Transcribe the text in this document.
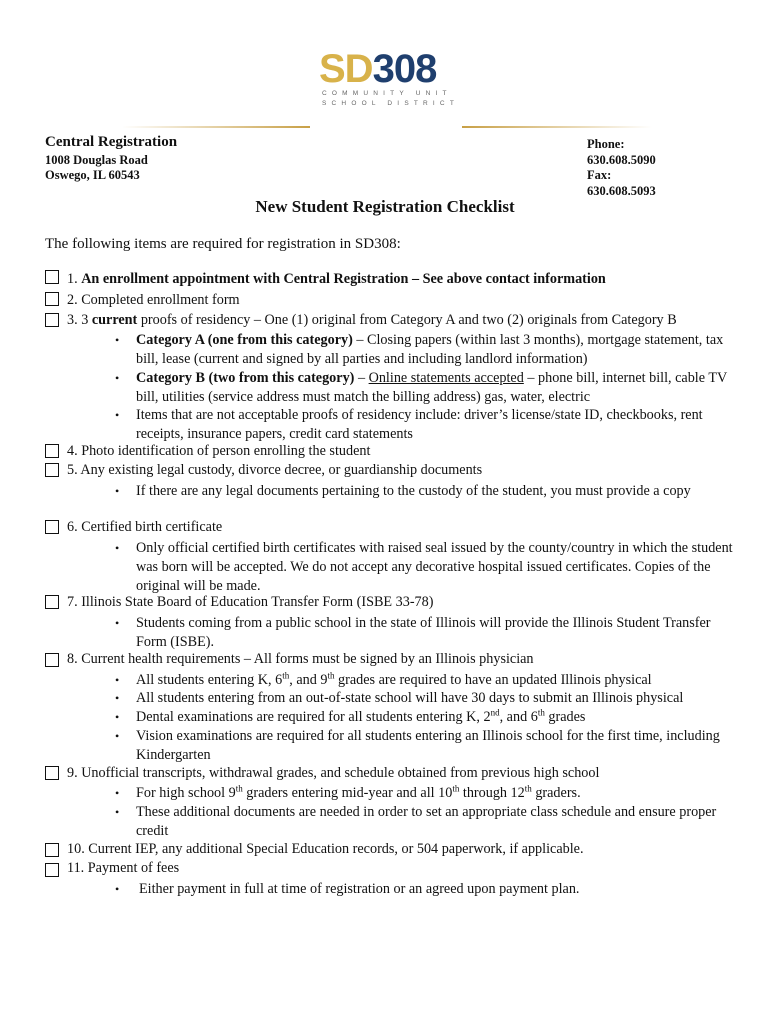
SD308
COMMUNITY UNIT
SCHOOL DISTRICT
Central Registration
1008 Douglas Road
Oswego, IL 60543
Phone:
630.608.5090
Fax:
630.608.5093
New Student Registration Checklist
The following items are required for registration in SD308:
1. An enrollment appointment with Central Registration – See above contact information
2. Completed enrollment form
3. 3 current proofs of residency – One (1) original from Category A and two (2) originals from Category B
• Category A (one from this category) – Closing papers (within last 3 months), mortgage statement, tax bill, lease (current and signed by all parties and including landlord information)
• Category B (two from this category) – Online statements accepted – phone bill, internet bill, cable TV bill, utilities (service address must match the billing address) gas, water, electric
• Items that are not acceptable proofs of residency include: driver’s license/state ID, checkbooks, rent receipts, insurance papers, credit card statements
4. Photo identification of person enrolling the student
5. Any existing legal custody, divorce decree, or guardianship documents
• If there are any legal documents pertaining to the custody of the student, you must provide a copy
6. Certified birth certificate
• Only official certified birth certificates with raised seal issued by the county/country in which the student was born will be accepted. We do not accept any decorative hospital issued certificates. Copies of the original will be made.
7. Illinois State Board of Education Transfer Form (ISBE 33-78)
• Students coming from a public school in the state of Illinois will provide the Illinois Student Transfer Form (ISBE).
8. Current health requirements – All forms must be signed by an Illinois physician
• All students entering K, 6th, and 9th grades are required to have an updated Illinois physical
• All students entering from an out-of-state school will have 30 days to submit an Illinois physical
• Dental examinations are required for all students entering K, 2nd, and 6th grades
• Vision examinations are required for all students entering an Illinois school for the first time, including Kindergarten
9. Unofficial transcripts, withdrawal grades, and schedule obtained from previous high school
• For high school 9th graders entering mid-year and all 10th through 12th graders.
• These additional documents are needed in order to set an appropriate class schedule and ensure proper credit
10. Current IEP, any additional Special Education records, or 504 paperwork, if applicable.
11. Payment of fees
• Either payment in full at time of registration or an agreed upon payment plan.
